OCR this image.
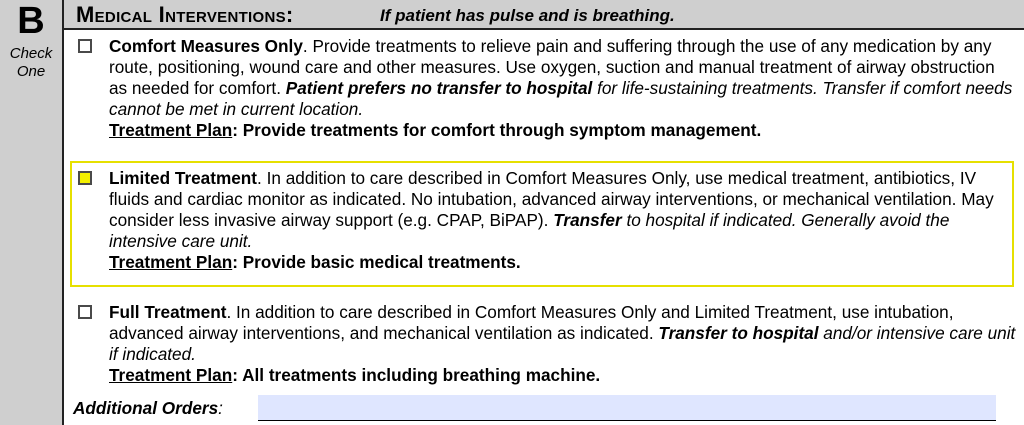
B
Check
One
Medical Interventions:	If patient has pulse and is breathing.

Comfort Measures Only. Provide treatments to relieve pain and suffering through the use of any medication by any route, positioning, wound care and other measures. Use oxygen, suction and manual treatment of airway obstruction as needed for comfort. Patient prefers no transfer to hospital for life-sustaining treatments. Transfer if comfort needs cannot be met in current location.

Treatment Plan: Provide treatments for comfort through symptom management.

Limited Treatment. In addition to care described in Comfort Measures Only, use medical treatment, antibiotics, IV fluids and cardiac monitor as indicated. No intubation, advanced airway interventions, or mechanical ventilation. May consider less invasive airway support (e.g. CPAP, BiPAP). Transfer to hospital if indicated. Generally avoid the intensive care unit.

Treatment Plan: Provide basic medical treatments.

Full Treatment. In addition to care described in Comfort Measures Only and Limited Treatment, use intubation, advanced airway interventions, and mechanical ventilation as indicated. Transfer to hospital and/or intensive care unit if indicated.

Treatment Plan: All treatments including breathing machine.
Additional Orders:
